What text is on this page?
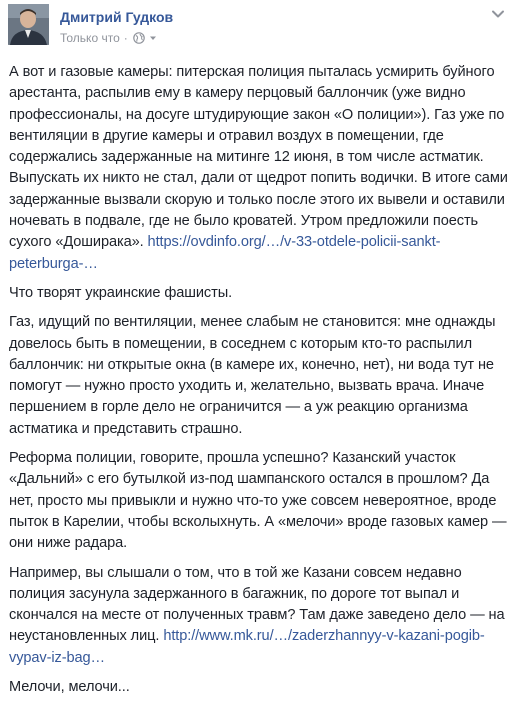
Дмитрий Гудков
Только что ·

А вот и газовые камеры: питерская полиция пыталась усмирить буйного арестанта, распылив ему в камеру перцовый баллончик (уже видно профессионалы, на досуге штудирующие закон «О полиции»). Газ уже по вентиляции в другие камеры и отравил воздух в помещении, где содержались задержанные на митинге 12 июня, в том числе астматик. Выпускать их никто не стал, дали от щедрот попить водички. В итоге сами задержанные вызвали скорую и только после этого их вывели и оставили ночевать в подвале, где не было кроватей. Утром предложили поесть сухого «Доширака». https://ovdinfo.org/…/v-33-otdele-policii-sankt-peterburga-…

Что творят украинские фашисты.

Газ, идущий по вентиляции, менее слабым не становится: мне однажды довелось быть в помещении, в соседнем с которым кто-то распылил баллончик: ни открытые окна (в камере их, конечно, нет), ни вода тут не помогут — нужно просто уходить и, желательно, вызвать врача. Иначе першением в горле дело не ограничится — а уж реакцию организма астматика и представить страшно.

Реформа полиции, говорите, прошла успешно? Казанский участок «Дальний» с его бутылкой из-под шампанского остался в прошлом? Да нет, просто мы привыкли и нужно что-то уже совсем невероятное, вроде пыток в Карелии, чтобы всколыхнуть. А «мелочи» вроде газовых камер — они ниже радара.

Например, вы слышали о том, что в той же Казани совсем недавно полиция засунула задержанного в багажник, по дороге тот выпал и скончался на месте от полученных травм? Там даже заведено дело — на неустановленных лиц. http://www.mk.ru/…/zaderzhannyy-v-kazani-pogib-vypav-iz-bag…

Мелочи, мелочи...
